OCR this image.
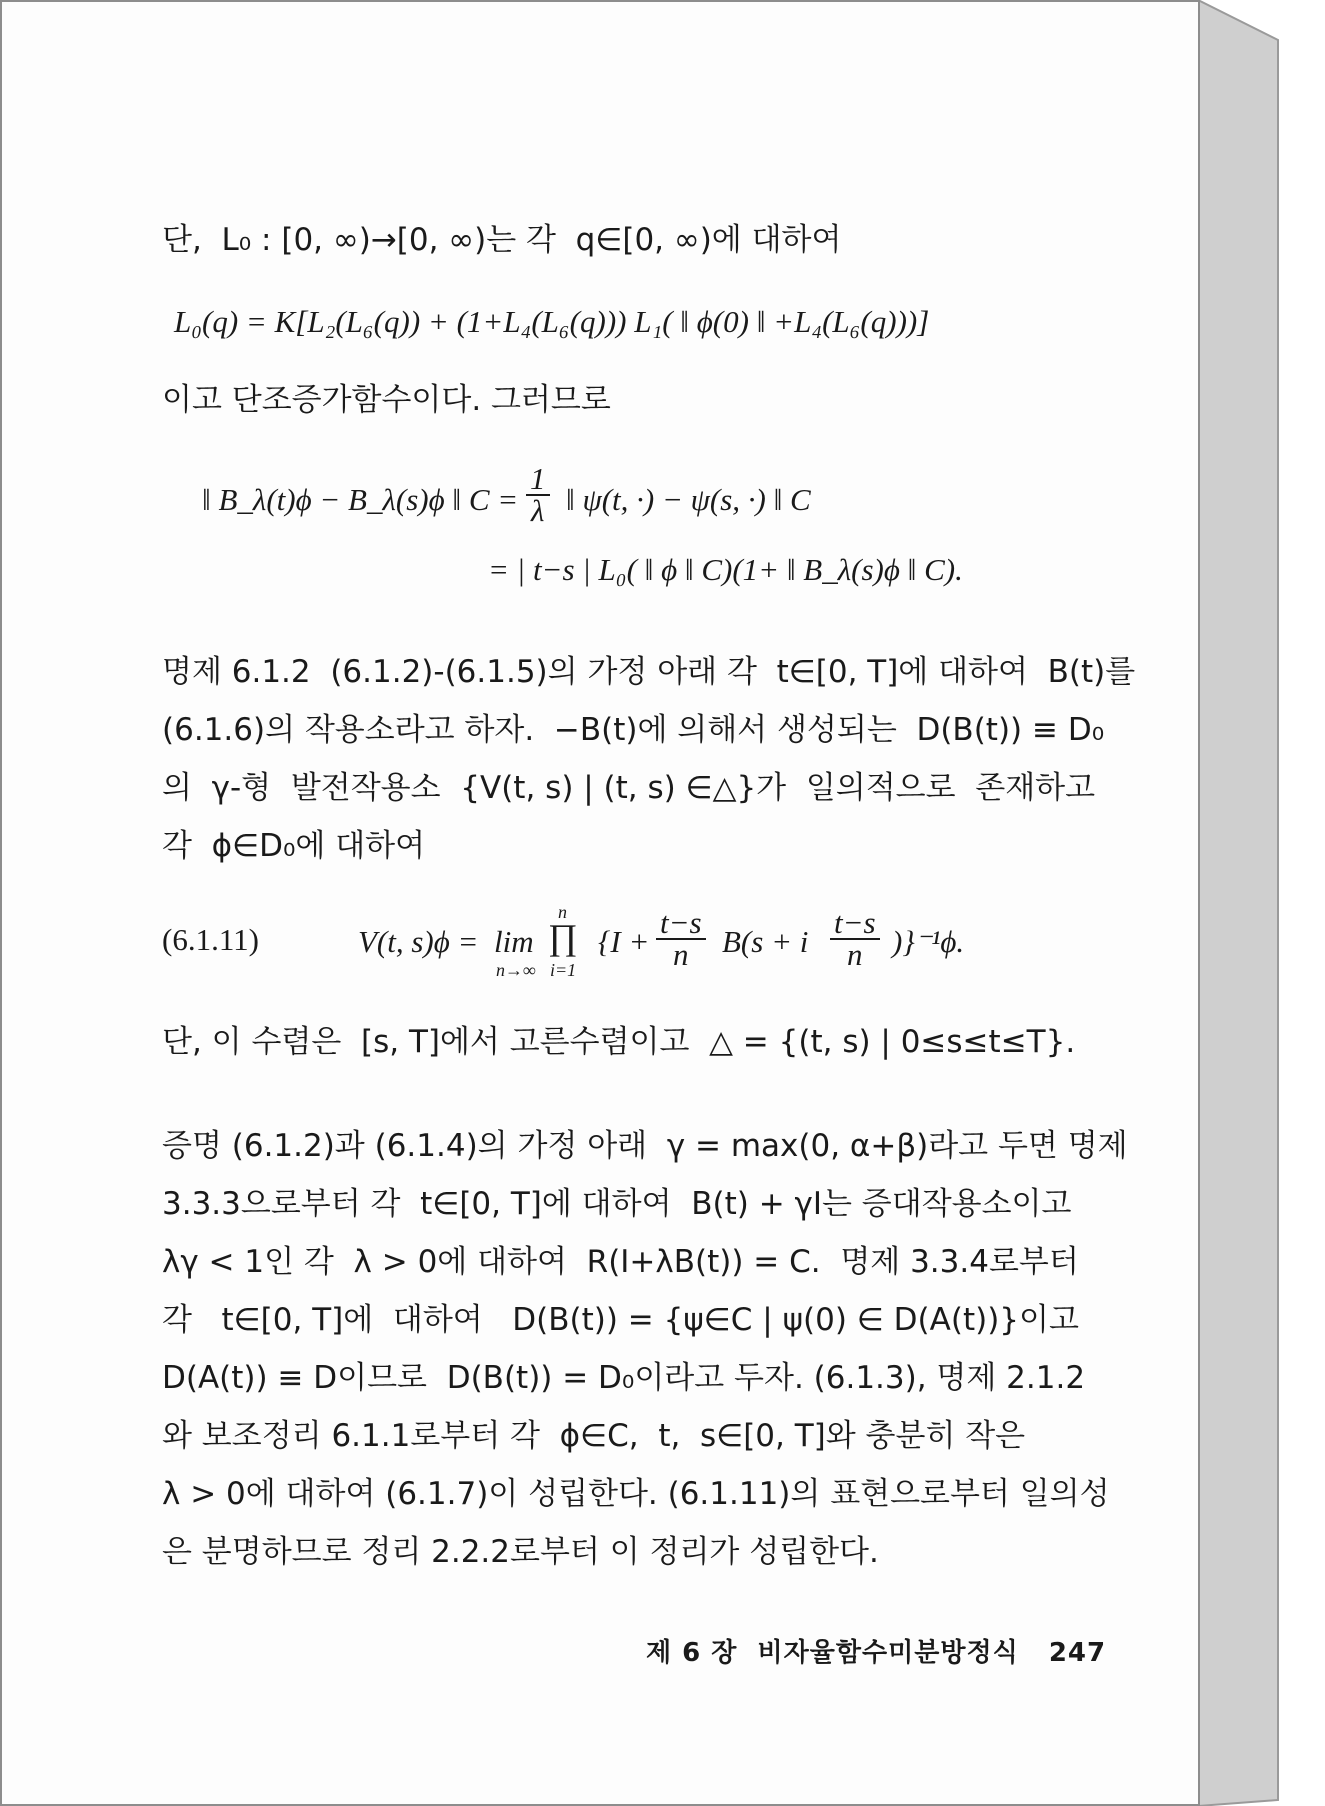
단,  L₀ : [0, ∞)→[0, ∞)는 각  q∈[0, ∞)에 대하여
L₀(q) = K[L₂(L₆(q)) + (1+L₄(L₆(q))) L₁( ‖ ϕ(0) ‖ +L₄(L₆(q)))]
이고 단조증가함수이다. 그러므로
‖ B_λ(t)ϕ − B_λ(s)ϕ ‖ $C = \frac{1}{\lambda}$ ‖ ψ(t, ·) − ψ(s, ·) ‖ C
= | t−s | L₀( ‖ ϕ ‖ C)(1+ ‖ B_λ(s)ϕ ‖ C).
명제 6.1.2  (6.1.2)-(6.1.5)의 가정 아래 각  t∈[0, T]에 대하여  B(t)를
(6.1.6)의 작용소라고 하자.  −B(t)에 의해서 생성되는  D(B(t)) ≡ D₀
의  γ-형  발전작용소  {V(t, s) | (t, s) ∈△}가  일의적으로  존재하고
각  ϕ∈D₀에 대하여
(6.1.11)	V(t, s)ϕ =  lim
n→∞
n
∏
i=1
$\{I + \frac{t-s}{n} B(s + i \frac{t-s}{n} )\}^{-1}\phi$.
단, 이 수렴은  [s, T]에서 고른수렴이고  △ = {(t, s) | 0≤s≤t≤T}.
증명 (6.1.2)과 (6.1.4)의 가정 아래  γ = max(0, α+β)라고 두면 명제
3.3.3으로부터 각  t∈[0, T]에 대하여  B(t) + γI는 증대작용소이고
λγ < 1인 각  λ > 0에 대하여  R(I+λB(t)) = C.  명제 3.3.4로부터
각   t∈[0, T]에  대하여   D(B(t)) = {ψ∈C | ψ(0) ∈ D(A(t))}이고
D(A(t)) ≡ D이므로  D(B(t)) = D₀이라고 두자. (6.1.3), 명제 2.1.2
와 보조정리 6.1.1로부터 각  ϕ∈C,  t,  s∈[0, T]와 충분히 작은
λ > 0에 대하여 (6.1.7)이 성립한다. (6.1.11)의 표현으로부터 일의성
은 분명하므로 정리 2.2.2로부터 이 정리가 성립한다.
제 6 장  비자율함수미분방정식   247
